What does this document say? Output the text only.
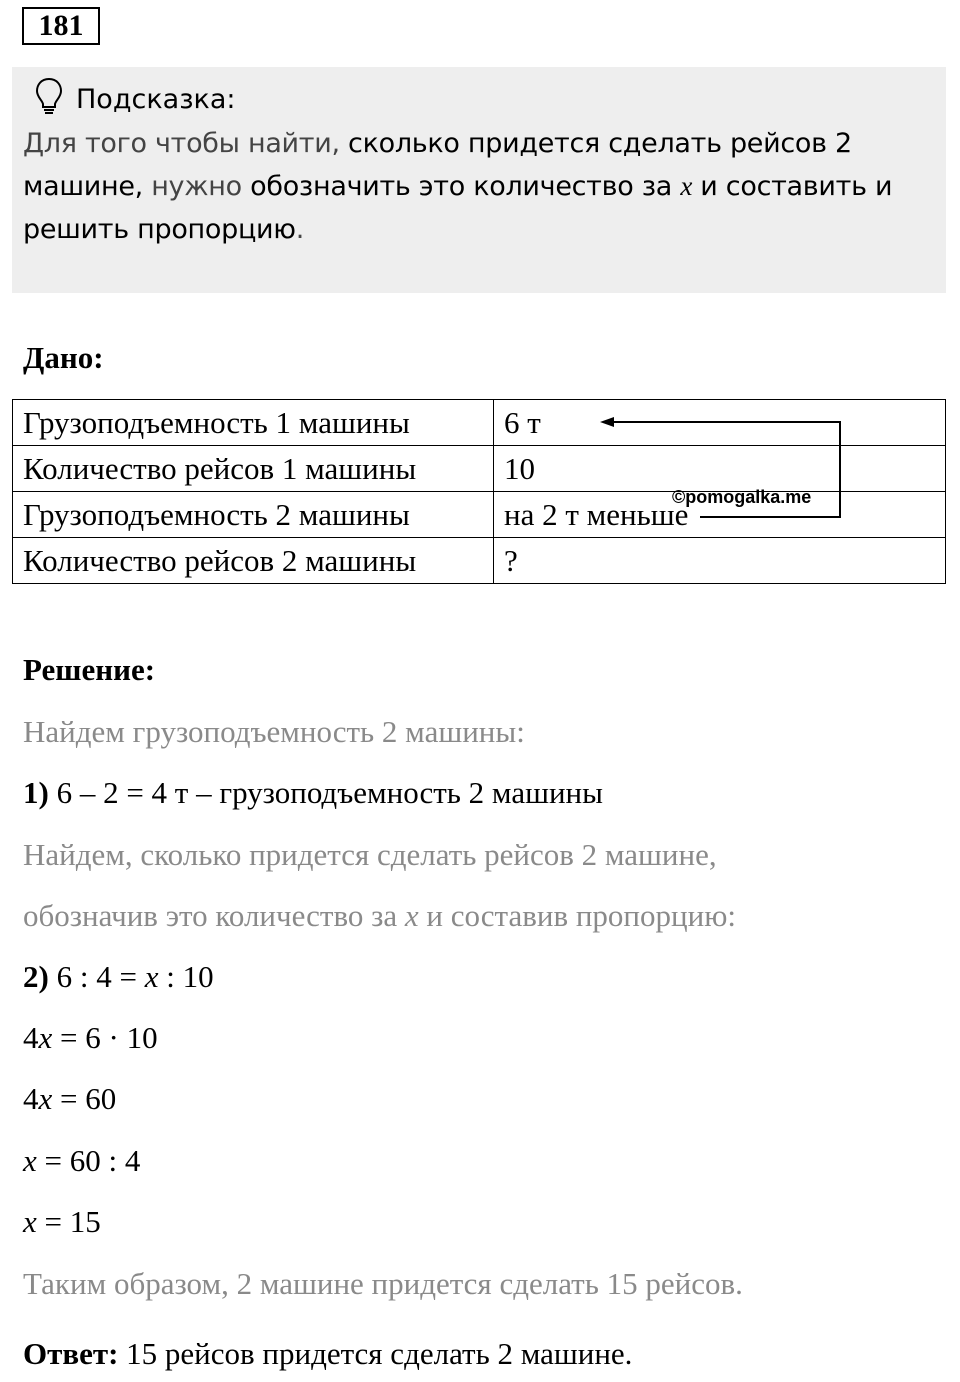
181
Подсказка:
Для того чтобы найти, сколько придется сделать рейсов 2 машине, нужно обозначить это количество за x и составить и решить пропорцию.
Дано:
Грузоподъемность 1 машины	6 т
Количество рейсов 1 машины	10
Грузоподъемность 2 машины	на 2 т меньше
Количество рейсов 2 машины	?
©pomogalka.me
Решение:
Найдем грузоподъемность 2 машины:
1) 6 – 2 = 4 т – грузоподъемность 2 машины
Найдем, сколько придется сделать рейсов 2 машине,
обозначив это количество за x и составив пропорцию:
2) 6 : 4 = x : 10
4x = 6 · 10
4x = 60
x = 60 : 4
x = 15
Таким образом, 2 машине придется сделать 15 рейсов.
Ответ: 15 рейсов придется сделать 2 машине.
